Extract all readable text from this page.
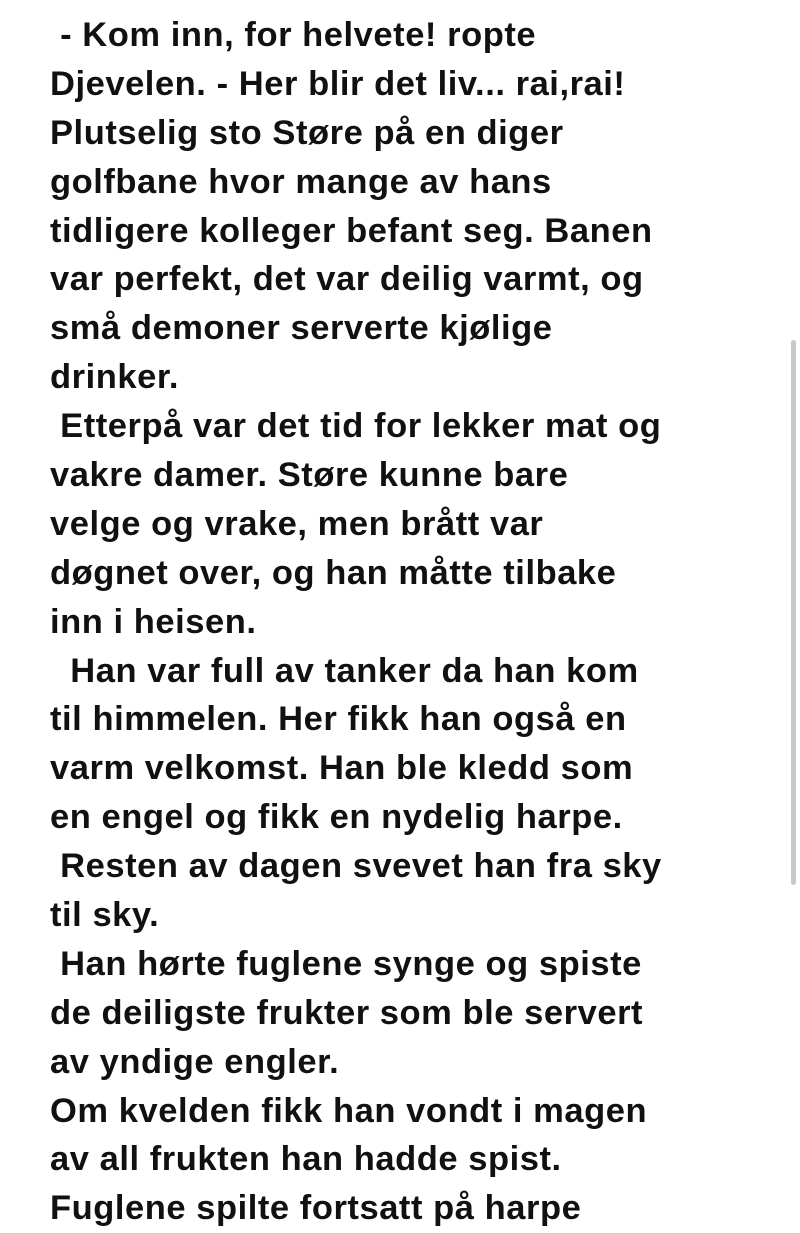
- Kom inn, for helvete! ropte
Djevelen. - Her blir det liv... rai,rai!
Plutselig sto Støre på en diger
golfbane hvor mange av hans
tidligere kolleger befant seg. Banen
var perfekt, det var deilig varmt, og
små demoner serverte kjølige
drinker.
Etterpå var det tid for lekker mat og
vakre damer. Støre kunne bare
velge og vrake, men brått var
døgnet over, og han måtte tilbake
inn i heisen.
Han var full av tanker da han kom
til himmelen. Her fikk han også en
varm velkomst. Han ble kledd som
en engel og fikk en nydelig harpe.
Resten av dagen svevet han fra sky
til sky.
Han hørte fuglene synge og spiste
de deiligste frukter som ble servert
av yndige engler.
Om kvelden fikk han vondt i magen
av all frukten han hadde spist.
Fuglene spilte fortsatt på harpe
